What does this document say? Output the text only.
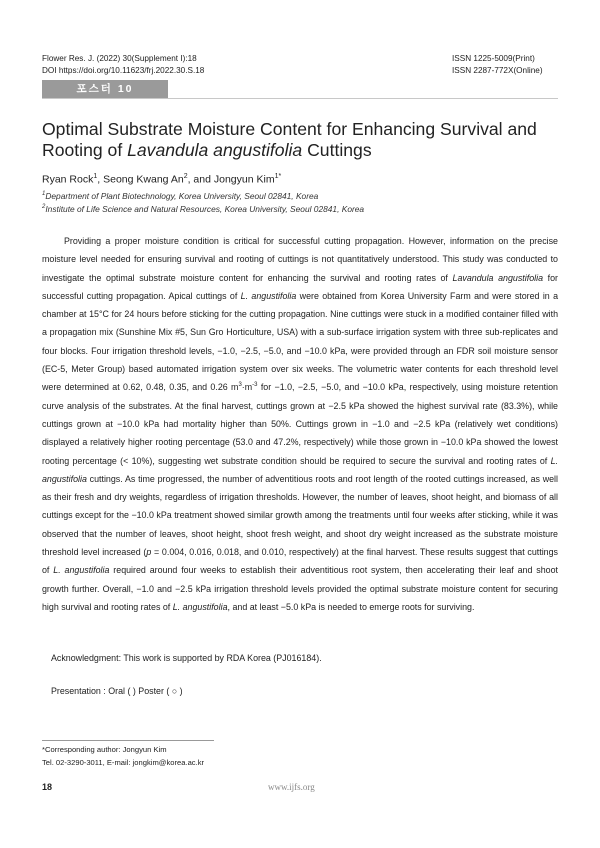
Flower Res. J. (2022) 30(Supplement I):18
DOI https://doi.org/10.11623/frj.2022.30.S.18
ISSN 1225-5009(Print)
ISSN 2287-772X(Online)
포스터 10
Optimal Substrate Moisture Content for Enhancing Survival and Rooting of Lavandula angustifolia Cuttings
Ryan Rock$^1$, Seong Kwang An$^2$, and Jongyun Kim$^{1*}$
$^1$Department of Plant Biotechnology, Korea University, Seoul 02841, Korea
$^2$Institute of Life Science and Natural Resources, Korea University, Seoul 02841, Korea

Providing a proper moisture condition is critical for successful cutting propagation. However, information on the precise moisture level needed for ensuring survival and rooting of cuttings is not quantitatively understood. This study was conducted to investigate the optimal substrate moisture content for enhancing the survival and rooting rates of Lavandula angustifolia for successful cutting propagation. Apical cuttings of L. angustifolia were obtained from Korea University Farm and were stored in a chamber at 15°C for 24 hours before sticking for the cutting propagation. Nine cuttings were stuck in a modified container filled with a propagation mix (Sunshine Mix #5, Sun Gro Horticulture, USA) with a sub-surface irrigation system with three sub-replicates and four blocks. Four irrigation threshold levels, −1.0, −2.5, −5.0, and −10.0 kPa, were provided through an FDR soil moisture sensor (EC-5, Meter Group) based automated irrigation system over six weeks. The volumetric water contents for each threshold level were determined at 0.62, 0.48, 0.35, and 0.26 $m^3\cdot m^{-3}$ for −1.0, −2.5, −5.0, and −10.0 kPa, respectively, using moisture retention curve analysis of the substrates. At the final harvest, cuttings grown at −2.5 kPa showed the highest survival rate (83.3%), while cuttings grown at −10.0 kPa had mortality higher than 50%. Cuttings grown in −1.0 and −2.5 kPa (relatively wet conditions) displayed a relatively higher rooting percentage (53.0 and 47.2%, respectively) while those grown in −10.0 kPa showed the lowest rooting percentage (< 10%), suggesting wet substrate condition should be required to secure the survival and rooting rates of L. angustifolia cuttings. As time progressed, the number of adventitious roots and root length of the rooted cuttings increased, as well as their fresh and dry weights, regardless of irrigation thresholds. However, the number of leaves, shoot height, and biomass of all cuttings except for the −10.0 kPa treatment showed similar growth among the treatments until four weeks after sticking, while it was observed that the number of leaves, shoot height, shoot fresh weight, and shoot dry weight increased as the substrate moisture threshold level increased (p = 0.004, 0.016, 0.018, and 0.010, respectively) at the final harvest. These results suggest that cuttings of L. angustifolia required around four weeks to establish their adventitious root system, then accelerating their leaf and shoot growth further. Overall, −1.0 and −2.5 kPa irrigation threshold levels provided the optimal substrate moisture content for securing high survival and rooting rates of L. angustifolia, and at least −5.0 kPa is needed to emerge roots for surviving.

Acknowledgment: This work is supported by RDA Korea (PJ016184).
Presentation : Oral ( ) Poster ( ○ )
*Corresponding author: Jongyun Kim
Tel. 02-3290-3011, E-mail: jongkim@korea.ac.kr
18	www.ijfs.org
